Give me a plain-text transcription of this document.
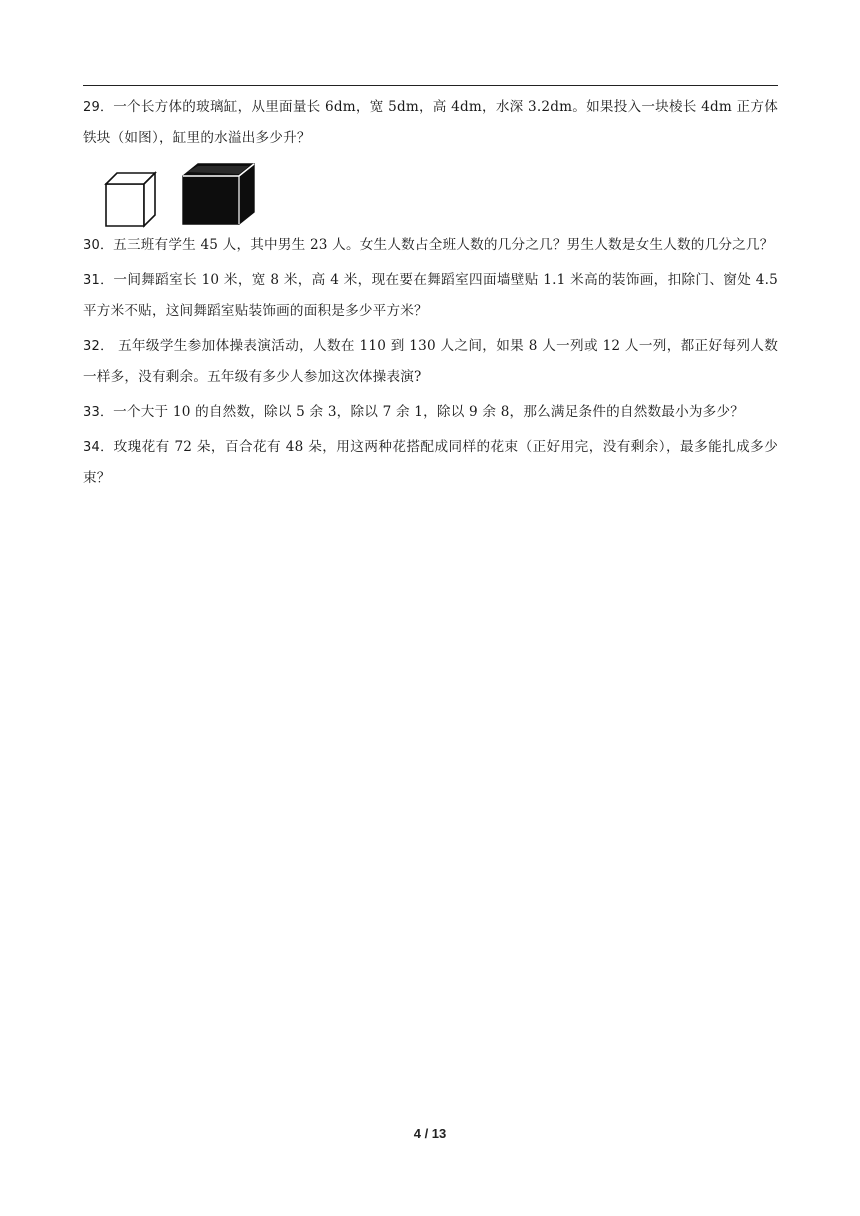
29．一个长方体的玻璃缸，从里面量长 6dm，宽 5dm，高 4dm，水深 3.2dm。如果投入一块棱长 4dm 正方体铁块（如图），缸里的水溢出多少升？

30．五三班有学生 45 人，其中男生 23 人。女生人数占全班人数的几分之几？男生人数是女生人数的几分之几？

31．一间舞蹈室长 10 米，宽 8 米，高 4 米，现在要在舞蹈室四面墙壁贴 1.1 米高的装饰画，扣除门、窗处 4.5 平方米不贴，这间舞蹈室贴装饰画的面积是多少平方米？

32． 五年级学生参加体操表演活动，人数在 110 到 130 人之间，如果 8 人一列或 12 人一列，都正好每列人数一样多，没有剩余。五年级有多少人参加这次体操表演?

33．一个大于 10 的自然数，除以 5 余 3，除以 7 余 1，除以 9 余 8，那么满足条件的自然数最小为多少？

34．玫瑰花有 72 朵，百合花有 48 朵，用这两种花搭配成同样的花束（正好用完，没有剩余），最多能扎成多少束？

4 / 13
